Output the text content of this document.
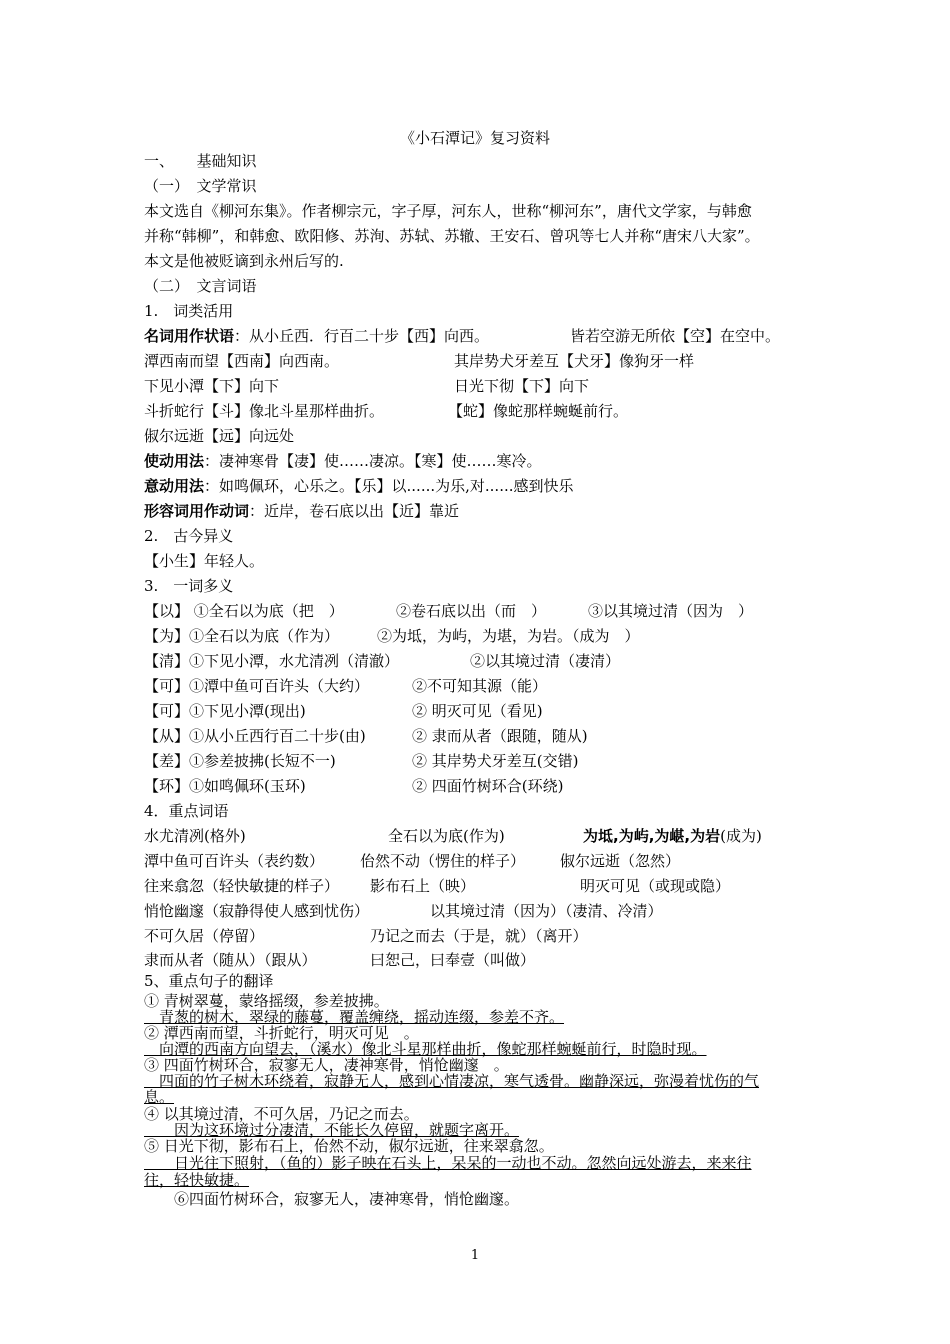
《小石潭记》复习资料
一、　　基础知识
（一）　文学常识
本文选自《柳河东集》。作者柳宗元，字子厚，河东人，世称“柳河东”，唐代文学家，与韩愈
并称“韩柳”，和韩愈、欧阳修、苏洵、苏轼、苏辙、王安石、曾巩等七人并称“唐宋八大家”。
本文是他被贬谪到永州后写的.
（二）　文言词语
1.　词类活用
名词用作状语：从小丘西．行百二十步【西】向西。	皆若空游无所依【空】在空中。
潭西南而望【西南】向西南。	其岸势犬牙差互【犬牙】像狗牙一样
下见小潭【下】向下	日光下彻【下】向下
斗折蛇行【斗】像北斗星那样曲折。	【蛇】像蛇那样蜿蜒前行。
俶尔远逝【远】向远处
使动用法：凄神寒骨【凄】使……凄凉。【寒】使……寒冷。
意动用法：如鸣佩环，心乐之。【乐】以......为乐,对......感到快乐
形容词用作动词：近岸，卷石底以出【近】靠近
2.　古今异义
【小生】年轻人。
3.　一词多义
【以】 ①全石以为底（把　）	②卷石底以出（而　）	③以其境过清（因为　）
【为】①全石以为底（作为）	②为坻，为屿，为堪，为岩。（成为　）
【清】①下见小潭，水尤清冽（清澈）	②以其境过清（凄清）
【可】①潭中鱼可百许头（大约）	②不可知其源（能）
【可】①下见小潭(现出)	② 明灭可见（看见)
【从】①从小丘西行百二十步(由)	② 隶而从者（跟随，随从)
【差】①参差披拂(长短不一)	② 其岸势犬牙差互(交错)
【环】①如鸣佩环(玉环)	② 四面竹树环合(环绕)
4．重点词语
水尤清冽(格外)	全石以为底(作为)	为坻,为屿,为嵁,为岩(成为)
潭中鱼可百许头（表约数） 佁然不动（愣住的样子） 俶尔远逝（忽然）
往来翕忽（轻快敏捷的样子） 影布石上（映）	明灭可见（或现或隐）
悄怆幽邃（寂静得使人感到忧伤）	以其境过清（因为）（凄清、冷清）
不可久居（停留）	乃记之而去（于是，就）（离开）
隶而从者（随从）（跟从）	曰恕己，曰奉壹（叫做）
5、重点句子的翻译
① 青树翠蔓，蒙络摇缀，参差披拂。
　青葱的树木，翠绿的藤蔓，覆盖缠绕，摇动连缀，参差不齐。
② 潭西南而望，斗折蛇行，明灭可见　。
　向潭的西南方向望去，（溪水）像北斗星那样曲折，像蛇那样蜿蜒前行，时隐时现。
③ 四面竹树环合，寂寥无人，凄神寒骨，悄怆幽邃　。
　四面的竹子树木环绕着，寂静无人，感到心情凄凉，寒气透骨。幽静深远，弥漫着忧伤的气
息。
④ 以其境过清，不可久居，乃记之而去。
　　因为这环境过分凄清，不能长久停留，就题字离开。
⑤ 日光下彻，影布石上，佁然不动，俶尔远逝，往来翠翕忽。
　　日光往下照射，（鱼的）影子映在石头上，呆呆的一动也不动。忽然向远处游去，来来往
往，轻快敏捷。
　　⑥四面竹树环合，寂寥无人，凄神寒骨，悄怆幽邃。
1
